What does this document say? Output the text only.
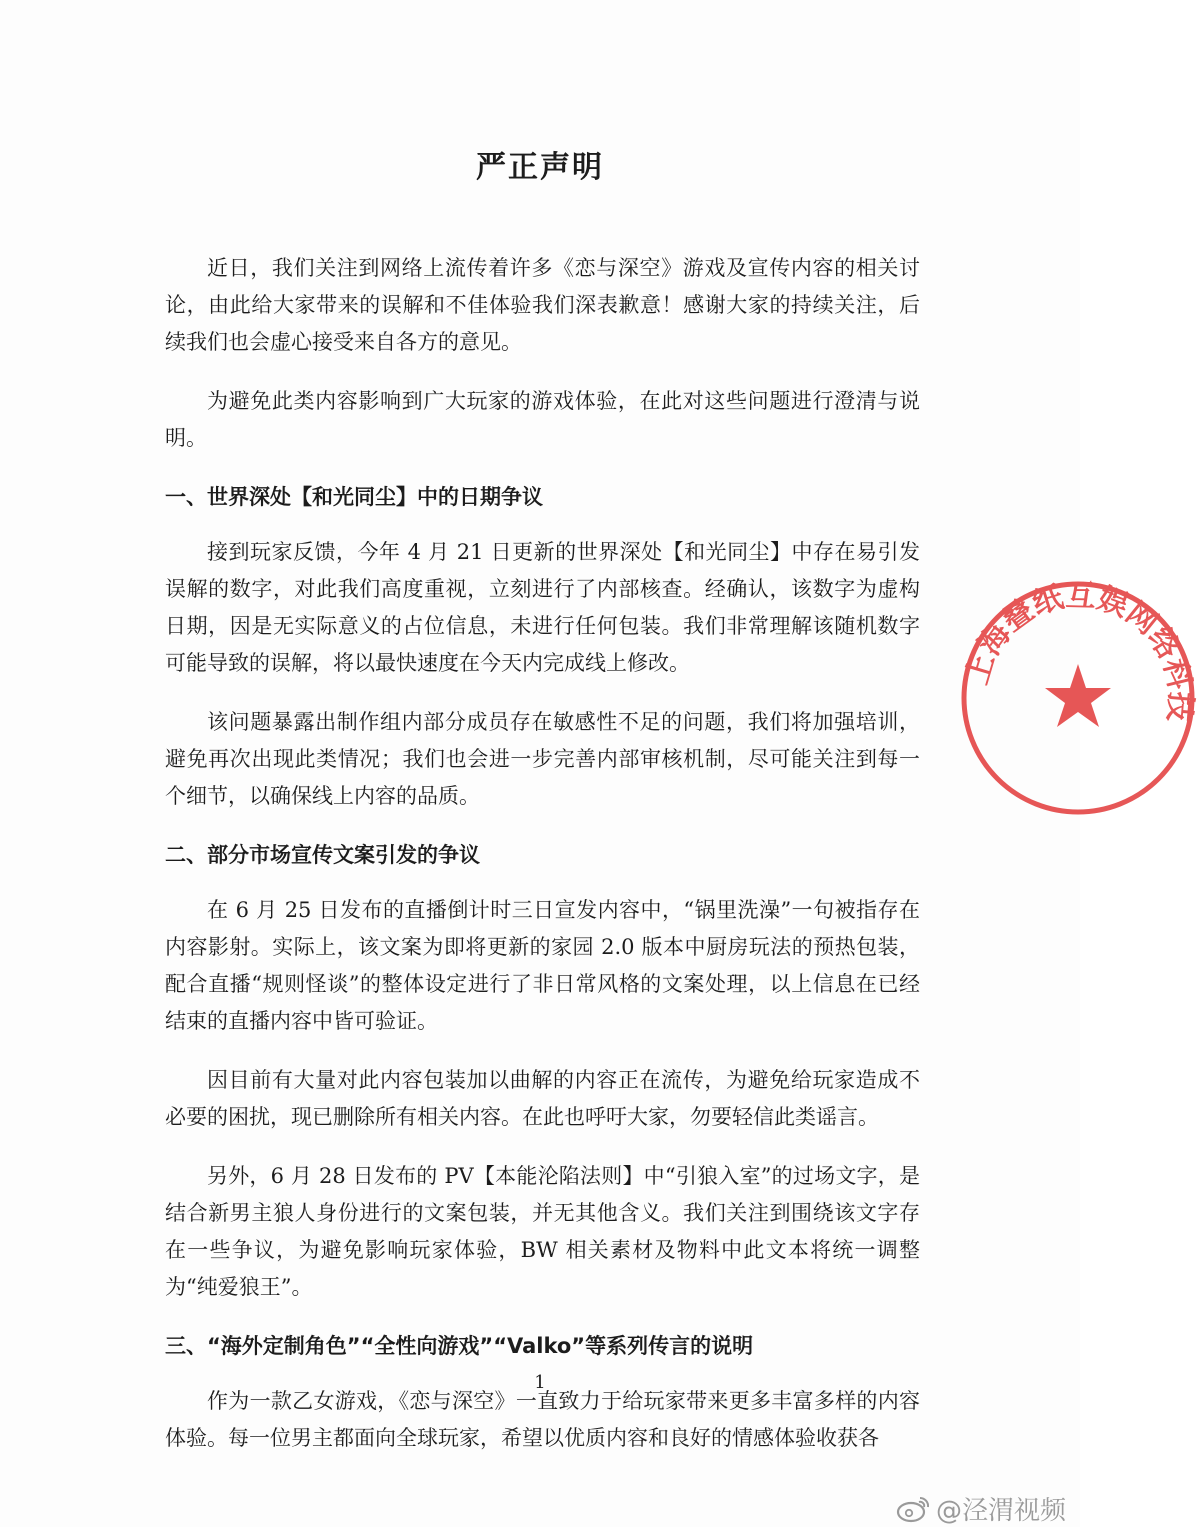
严正声明

近日，我们关注到网络上流传着许多《恋与深空》游戏及宣传内容的相关讨论，由此给大家带来的误解和不佳体验我们深表歉意！感谢大家的持续关注，后续我们也会虚心接受来自各方的意见。

为避免此类内容影响到广大玩家的游戏体验，在此对这些问题进行澄清与说明。

一、世界深处【和光同尘】中的日期争议

接到玩家反馈，今年 4 月 21 日更新的世界深处【和光同尘】中存在易引发误解的数字，对此我们高度重视，立刻进行了内部核查。经确认，该数字为虚构日期，因是无实际意义的占位信息，未进行任何包装。我们非常理解该随机数字可能导致的误解，将以最快速度在今天内完成线上修改。

该问题暴露出制作组内部分成员存在敏感性不足的问题，我们将加强培训，避免再次出现此类情况；我们也会进一步完善内部审核机制，尽可能关注到每一个细节，以确保线上内容的品质。

二、部分市场宣传文案引发的争议

在 6 月 25 日发布的直播倒计时三日宣发内容中，“锅里洗澡”一句被指存在内容影射。实际上，该文案为即将更新的家园 2.0 版本中厨房玩法的预热包装，配合直播“规则怪谈”的整体设定进行了非日常风格的文案处理，以上信息在已经结束的直播内容中皆可验证。

因目前有大量对此内容包装加以曲解的内容正在流传，为避免给玩家造成不必要的困扰，现已删除所有相关内容。在此也呼吁大家，勿要轻信此类谣言。

另外，6 月 28 日发布的 PV【本能沦陷法则】中“引狼入室”的过场文字，是结合新男主狼人身份进行的文案包装，并无其他含义。我们关注到围绕该文字存在一些争议，为避免影响玩家体验，BW 相关素材及物料中此文本将统一调整为“纯爱狼王”。

三、“海外定制角色”“全性向游戏”“Valko”等系列传言的说明

作为一款乙女游戏，《恋与深空》一直致力于给玩家带来更多丰富多样的内容体验。每一位男主都面向全球玩家，希望以优质内容和良好的情感体验收获各

1
上海叠纸互娱网络科技
@泾渭视频
